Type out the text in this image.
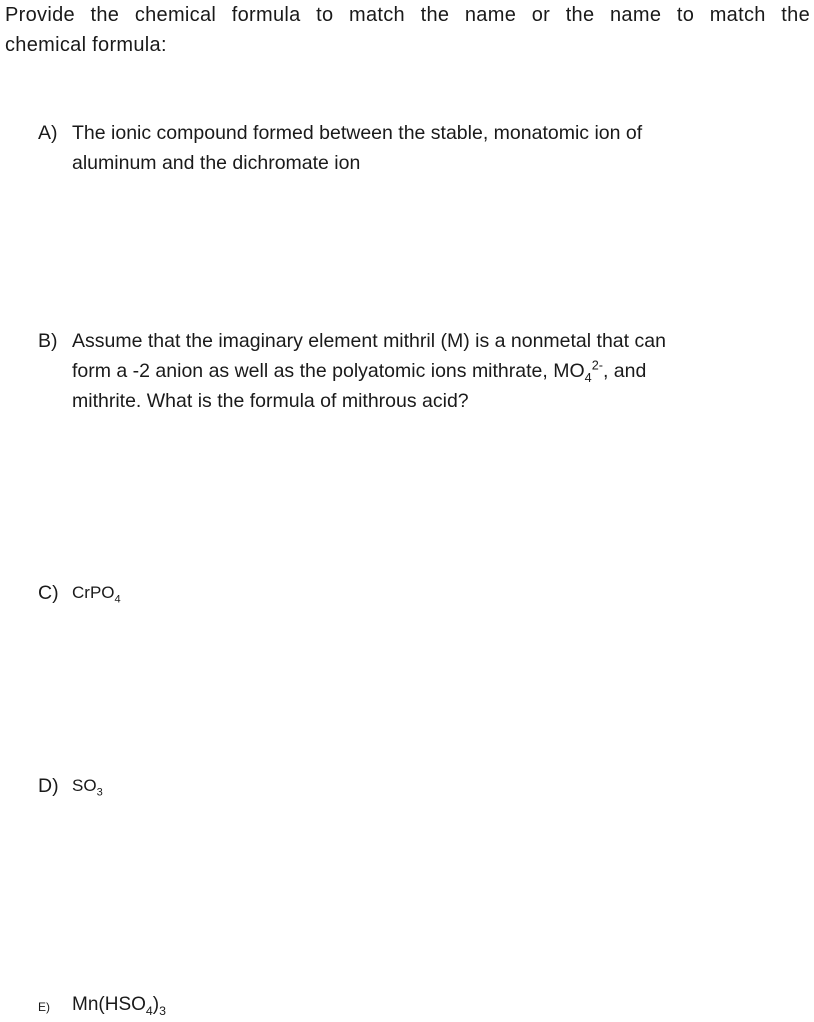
Provide the chemical formula to match the name or the name to match the
chemical formula:
A) The ionic compound formed between the stable, monatomic ion of
aluminum and the dichromate ion
B) Assume that the imaginary element mithril (M) is a nonmetal that can
form a -2 anion as well as the polyatomic ions mithrate, $MO_4^{2-}$, and
mithrite. What is the formula of mithrous acid?
C) CrPO$_4$
D) $SO_3$
E) $Mn(HSO_4)_3$
